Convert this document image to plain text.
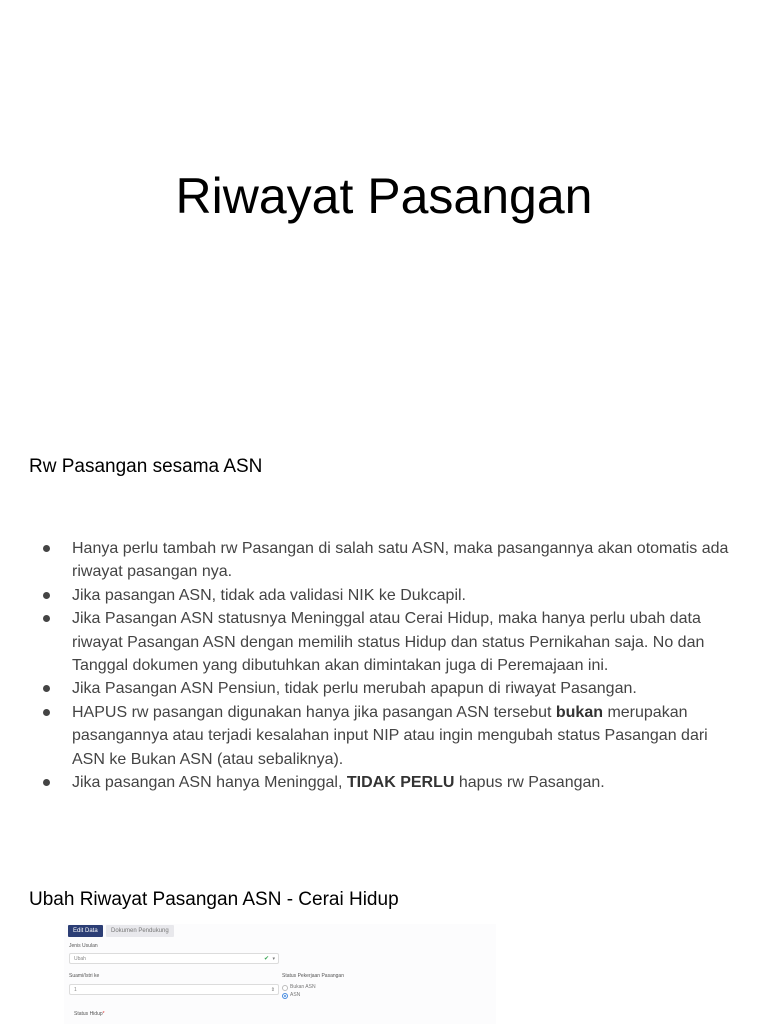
Riwayat Pasangan
Rw Pasangan sesama ASN
Hanya perlu tambah rw Pasangan di salah satu ASN, maka pasangannya akan otomatis ada riwayat pasangan nya.
Jika pasangan ASN, tidak ada validasi NIK ke Dukcapil.
Jika Pasangan ASN statusnya Meninggal atau Cerai Hidup, maka hanya perlu ubah data riwayat Pasangan ASN dengan memilih status Hidup dan status Pernikahan saja. No dan Tanggal dokumen yang dibutuhkan akan dimintakan juga di Peremajaan ini.
Jika Pasangan ASN Pensiun, tidak perlu merubah apapun di riwayat Pasangan.
HAPUS rw pasangan digunakan hanya jika pasangan ASN tersebut bukan merupakan pasangannya atau terjadi kesalahan input NIP atau ingin mengubah status Pasangan dari ASN ke Bukan ASN (atau sebaliknya).
Jika pasangan ASN hanya Meninggal, TIDAK PERLU hapus rw Pasangan.
Ubah Riwayat Pasangan ASN - Cerai Hidup
Edit Data	Dokumen Pendukung
Jenis Usulan
Ubah	✔ ▾
Suami/Istri ke
1	⇕
Status Pekerjaan Pasangan
Bukan ASN
ASN
Status Hidup*
